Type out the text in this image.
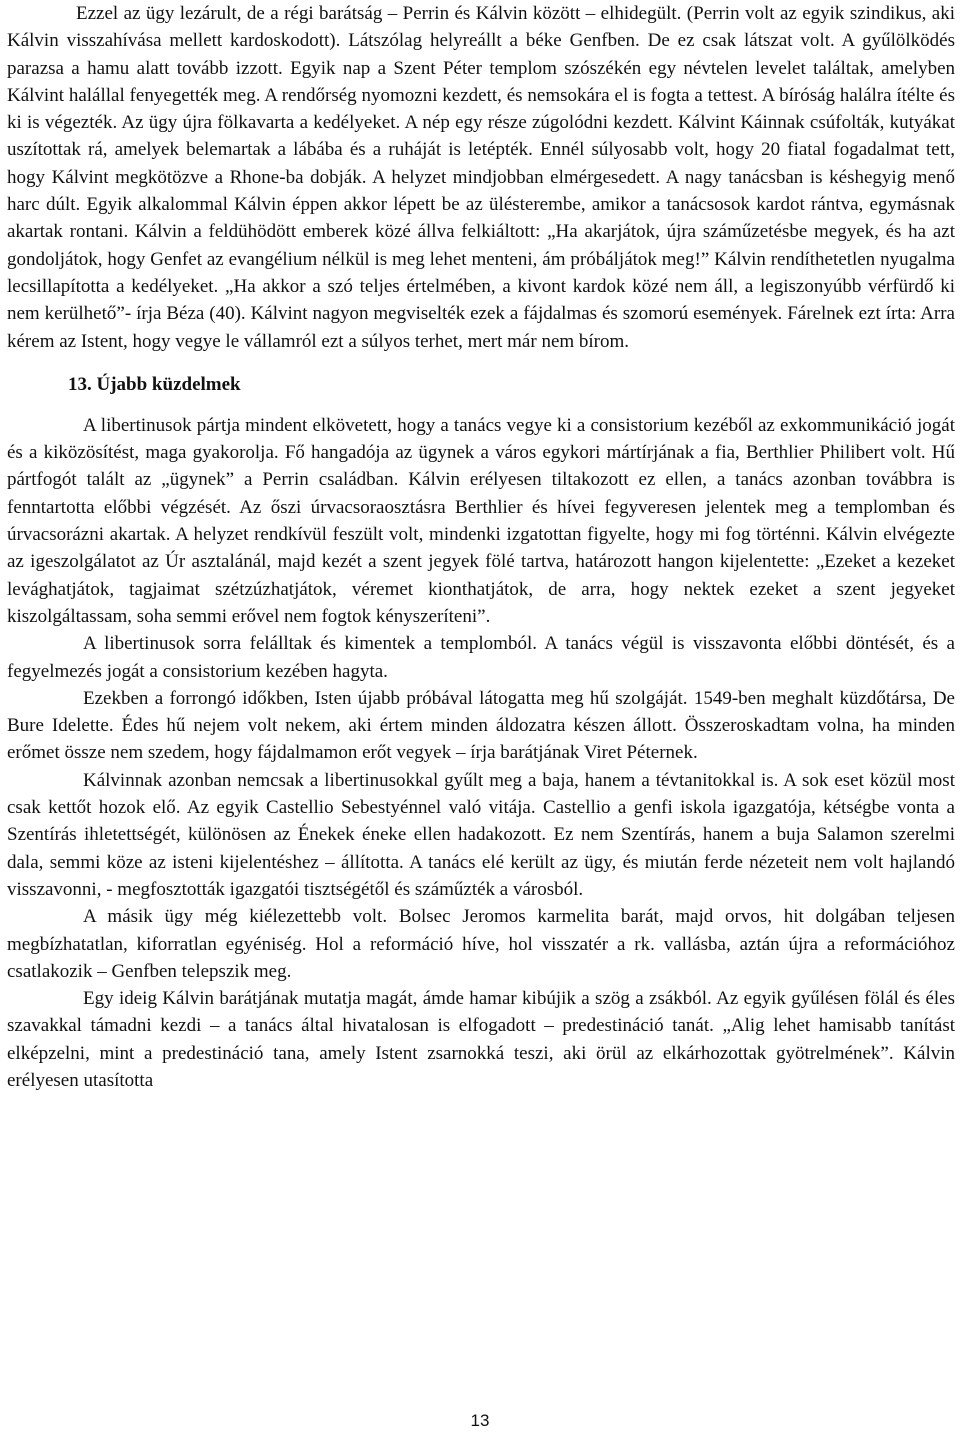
Ezzel az ügy lezárult, de a régi barátság – Perrin és Kálvin között – elhidegült. (Perrin volt az egyik szindikus, aki Kálvin visszahívása mellett kardoskodott). Látszólag helyreállt a béke Genfben. De ez csak látszat volt. A gyűlölködés parazsa a hamu alatt tovább izzott. Egyik nap a Szent Péter templom szószékén egy névtelen levelet találtak, amelyben Kálvint halállal fenyegették meg. A rendőrség nyomozni kezdett, és nemsokára el is fogta a tettest. A bíróság halálra ítélte és ki is végezték. Az ügy újra fölkavarta a kedélyeket. A nép egy része zúgolódni kezdett. Kálvint Káinnak csúfolták, kutyákat uszítottak rá, amelyek belemartak a lábába és a ruháját is letépték. Ennél súlyosabb volt, hogy 20 fiatal fogadalmat tett, hogy Kálvint megkötözve a Rhone-ba dobják. A helyzet mindjobban elmérgesedett. A nagy tanácsban is késhegyig menő harc dúlt. Egyik alkalommal Kálvin éppen akkor lépett be az ülésterembe, amikor a tanácsosok kardot rántva, egymásnak akartak rontani. Kálvin a feldühödött emberek közé állva felkiáltott: „Ha akarjátok, újra száműzetésbe megyek, és ha azt gondoljátok, hogy Genfet az evangélium nélkül is meg lehet menteni, ám próbáljátok meg!” Kálvin rendíthetetlen nyugalma lecsillapította a kedélyeket. „Ha akkor a szó teljes értelmében, a kivont kardok közé nem áll, a legiszonyúbb vérfürdő ki nem kerülhető”- írja Béza (40). Kálvint nagyon megviselték ezek a fájdalmas és szomorú események. Fárelnek ezt írta: Arra kérem az Istent, hogy vegye le vállamról ezt a súlyos terhet, mert már nem bírom.

13. Újabb küzdelmek

A libertinusok pártja mindent elkövetett, hogy a tanács vegye ki a consistorium kezéből az exkommunikáció jogát és a kiközösítést, maga gyakorolja. Fő hangadója az ügynek a város egykori mártírjának a fia, Berthlier Philibert volt. Hű pártfogót talált az „ügynek” a Perrin családban. Kálvin erélyesen tiltakozott ez ellen, a tanács azonban továbbra is fenntartotta előbbi végzését. Az őszi úrvacsoraosztásra Berthlier és hívei fegyveresen jelentek meg a templomban és úrvacsorázni akartak. A helyzet rendkívül feszült volt, mindenki izgatottan figyelte, hogy mi fog történni. Kálvin elvégezte az igeszolgálatot az Úr asztalánál, majd kezét a szent jegyek fölé tartva, határozott hangon kijelentette: „Ezeket a kezeket levághatjátok, tagjaimat szétzúzhatjátok, véremet kionthatjátok, de arra, hogy nektek ezeket a szent jegyeket kiszolgáltassam, soha semmi erővel nem fogtok kényszeríteni”.

A libertinusok sorra felálltak és kimentek a templomból. A tanács végül is visszavonta előbbi döntését, és a fegyelmezés jogát a consistorium kezében hagyta.

Ezekben a forrongó időkben, Isten újabb próbával látogatta meg hű szolgáját. 1549-ben meghalt küzdőtársa, De Bure Idelette. Édes hű nejem volt nekem, aki értem minden áldozatra készen állott. Összeroskadtam volna, ha minden erőmet össze nem szedem, hogy fájdalmamon erőt vegyek – írja barátjának Viret Péternek.

Kálvinnak azonban nemcsak a libertinusokkal gyűlt meg a baja, hanem a tévtanitokkal is. A sok eset közül most csak kettőt hozok elő. Az egyik Castellio Sebestyénnel való vitája. Castellio a genfi iskola igazgatója, kétségbe vonta a Szentírás ihletettségét, különösen az Énekek éneke ellen hadakozott. Ez nem Szentírás, hanem a buja Salamon szerelmi dala, semmi köze az isteni kijelentéshez – állította. A tanács elé került az ügy, és miután ferde nézeteit nem volt hajlandó visszavonni, - megfosztották igazgatói tisztségétől és száműzték a városból.

A másik ügy még kiélezettebb volt. Bolsec Jeromos karmelita barát, majd orvos, hit dolgában teljesen megbízhatatlan, kiforratlan egyéniség. Hol a reformáció híve, hol visszatér a rk. vallásba, aztán újra a reformációhoz csatlakozik – Genfben telepszik meg.

Egy ideig Kálvin barátjának mutatja magát, ámde hamar kibújik a szög a zsákból. Az egyik gyűlésen fölál és éles szavakkal támadni kezdi – a tanács által hivatalosan is elfogadott – predestináció tanát. „Alig lehet hamisabb tanítást elképzelni, mint a predestináció tana, amely Istent zsarnokká teszi, aki örül az elkárhozottak gyötrelmének”. Kálvin erélyesen utasította

13
